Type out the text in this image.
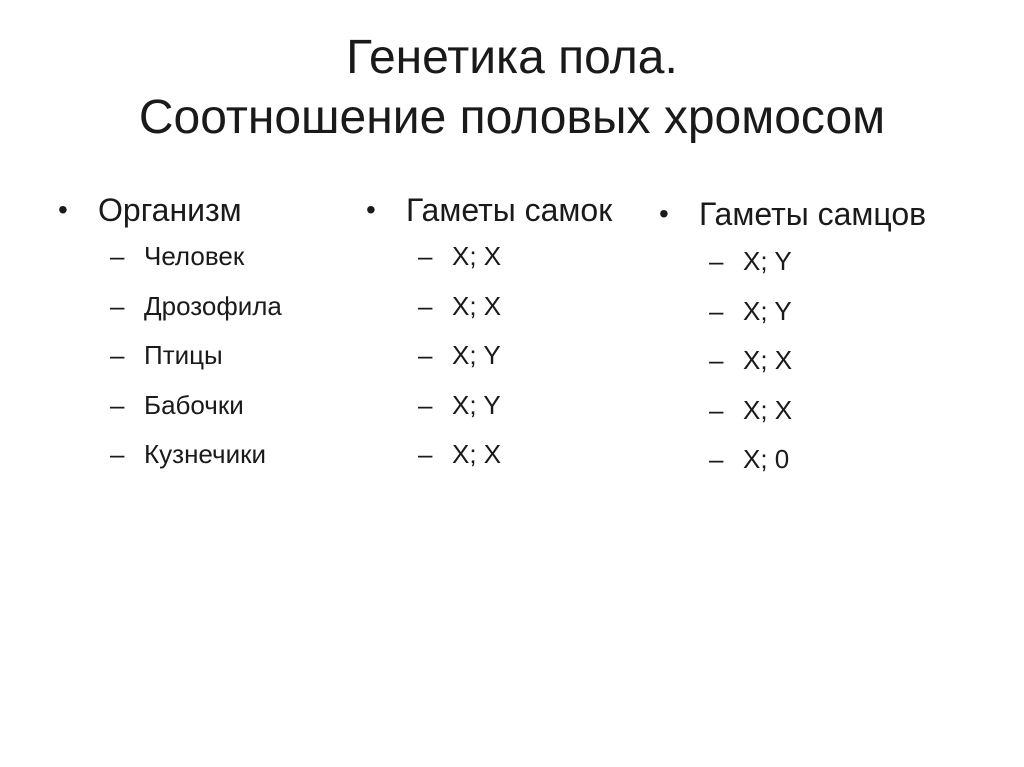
Генетика пола.
Соотношение половых хромосом
• Организм
– Человек
– Дрозофила
– Птицы
– Бабочки
– Кузнечики
• Гаметы самок
– X; X
– X; X
– X; Y
– X; Y
– X; X
• Гаметы самцов
– X; Y
– X; Y
– X; X
– X; X
– X; 0
